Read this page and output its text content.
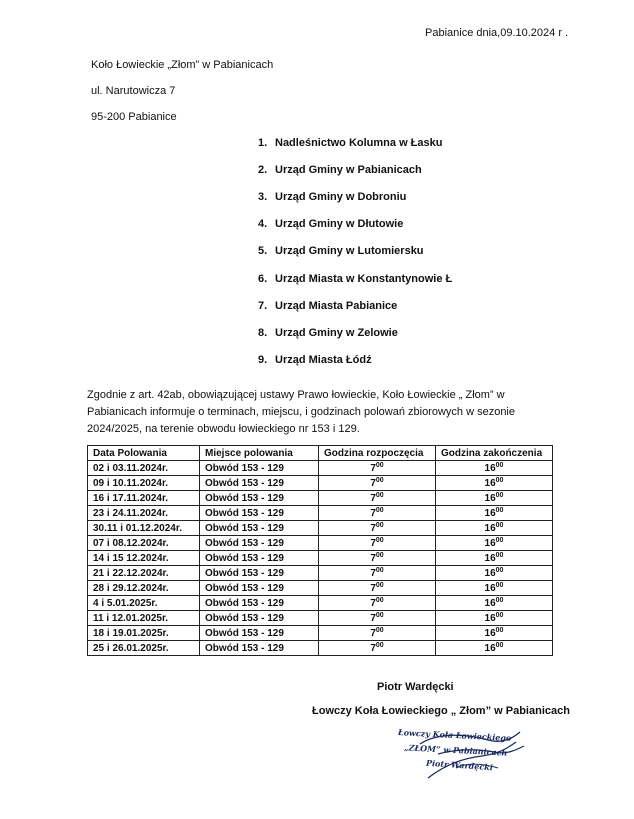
Pabianice dnia,09.10.2024 r .
Koło Łowieckie „Złom” w Pabianicach
ul. Narutowicza 7
95-200 Pabianice
1. Nadleśnictwo Kolumna w Łasku
2. Urząd Gminy w Pabianicach
3. Urząd Gminy w Dobroniu
4. Urząd Gminy w Dłutowie
5. Urząd Gminy w Lutomiersku
6. Urząd Miasta w Konstantynowie Ł
7. Urząd Miasta Pabianice
8. Urząd Gminy w Zelowie
9. Urząd Miasta Łódź
Zgodnie z art. 42ab, obowiązującej ustawy Prawo łowieckie, Koło Łowieckie „ Złom” w Pabianicach informuje o terminach, miejscu, i godzinach polowań zbiorowych w sezonie 2024/2025, na terenie obwodu łowieckiego nr 153 i 129.
Data Polowania	Miejsce polowania	Godzina rozpoczęcia	Godzina zakończenia
02 i 03.11.2024r.	Obwód 153 - 129	$7^{00}$	$16^{00}$
09 i 10.11.2024r.	Obwód 153 - 129	$7^{00}$	$16^{00}$
16 i 17.11.2024r.	Obwód 153 - 129	$7^{00}$	$16^{00}$
23 i 24.11.2024r.	Obwód 153 - 129	$7^{00}$	$16^{00}$
30.11 i 01.12.2024r.	Obwód 153 - 129	$7^{00}$	$16^{00}$
07 i 08.12.2024r.	Obwód 153 - 129	$7^{00}$	$16^{00}$
14 i 15 12.2024r.	Obwód 153 - 129	$7^{00}$	$16^{00}$
21 i 22.12.2024r.	Obwód 153 - 129	$7^{00}$	$16^{00}$
28 i 29.12.2024r.	Obwód 153 - 129	$7^{00}$	$16^{00}$
4 i 5.01.2025r.	Obwód 153 - 129	$7^{00}$	$16^{00}$
11 i 12.01.2025r.	Obwód 153 - 129	$7^{00}$	$16^{00}$
18 i 19.01.2025r.	Obwód 153 - 129	$7^{00}$	$16^{00}$
25 i 26.01.2025r.	Obwód 153 - 129	$7^{00}$	$16^{00}$
Piotr Wardęcki
Łowczy Koła Łowieckiego „ Złom” w Pabianicach
Łowczy Koła Łowieckiego
„ZŁOM” w Pabianicach
Piotr Wardęcki
